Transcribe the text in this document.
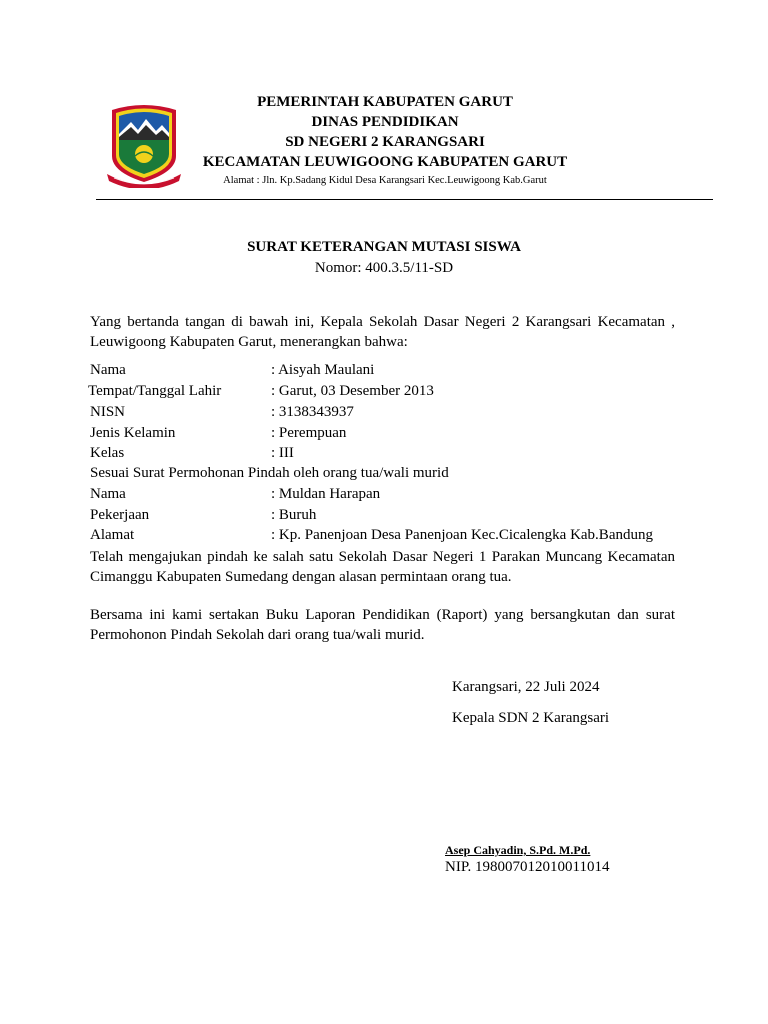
PEMERINTAH KABUPATEN GARUT
DINAS PENDIDIKAN
SD NEGERI 2 KARANGSARI
KECAMATAN LEUWIGOONG KABUPATEN GARUT
Alamat : Jln. Kp.Sadang Kidul Desa Karangsari Kec.Leuwigoong Kab.Garut
SURAT KETERANGAN MUTASI SISWA
Nomor: 400.3.5/11-SD
Yang bertanda tangan di bawah ini, Kepala Sekolah Dasar Negeri 2 Karangsari Kecamatan , Leuwigoong Kabupaten Garut, menerangkan bahwa:
Nama	: Aisyah Maulani
Tempat/Tanggal Lahir	: Garut, 03 Desember 2013
NISN	: 3138343937
Jenis Kelamin	: Perempuan
Kelas	: III
Sesuai Surat Permohonan Pindah oleh orang tua/wali murid
Nama	: Muldan Harapan
Pekerjaan	: Buruh
Alamat	: Kp. Panenjoan Desa Panenjoan Kec.Cicalengka Kab.Bandung
Telah mengajukan pindah ke salah satu Sekolah Dasar Negeri 1 Parakan Muncang Kecamatan Cimanggu Kabupaten Sumedang dengan alasan permintaan orang tua.
Bersama ini kami sertakan Buku Laporan Pendidikan (Raport) yang bersangkutan dan surat Permohonon Pindah Sekolah dari orang tua/wali murid.
Karangsari, 22 Juli 2024
Kepala SDN 2 Karangsari
Asep Cahyadin, S.Pd. M.Pd.
NIP. 198007012010011014
